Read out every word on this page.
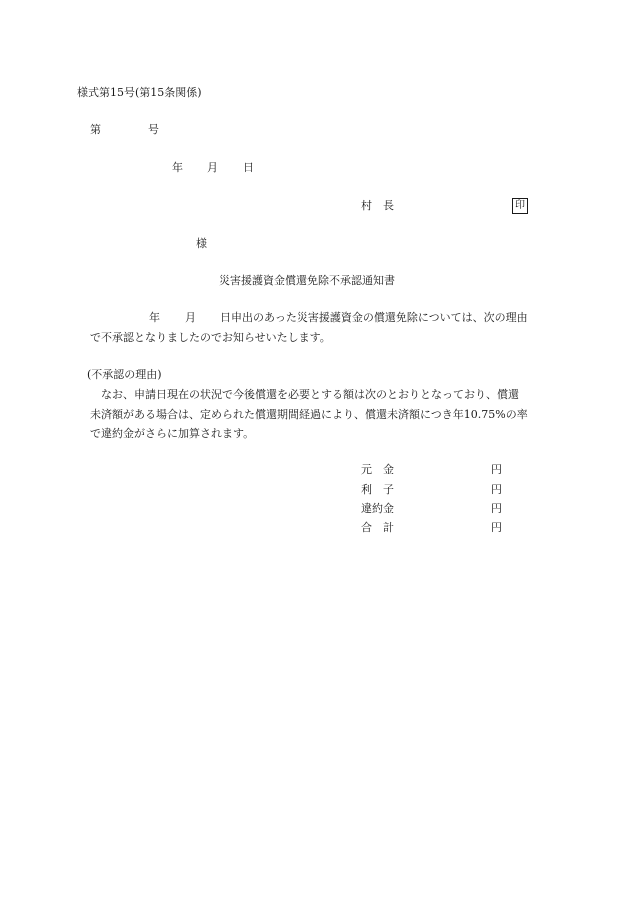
様式第15号(第15条関係)
第	号
年 月 日
村　長	印
様
災害援護資金償還免除不承認通知書
年 月 日申出のあった災害援護資金の償還免除については、次の理由
で不承認となりましたのでお知らせいたします。
(不承認の理由)
　なお、申請日現在の状況で今後償還を必要とする額は次のとおりとなっており、償還
未済額がある場合は、定められた償還期間経過により、償還未済額につき年10.75%の率
で違約金がさらに加算されます。
元　金	円
利　子	円
違約金	円
合　計	円
